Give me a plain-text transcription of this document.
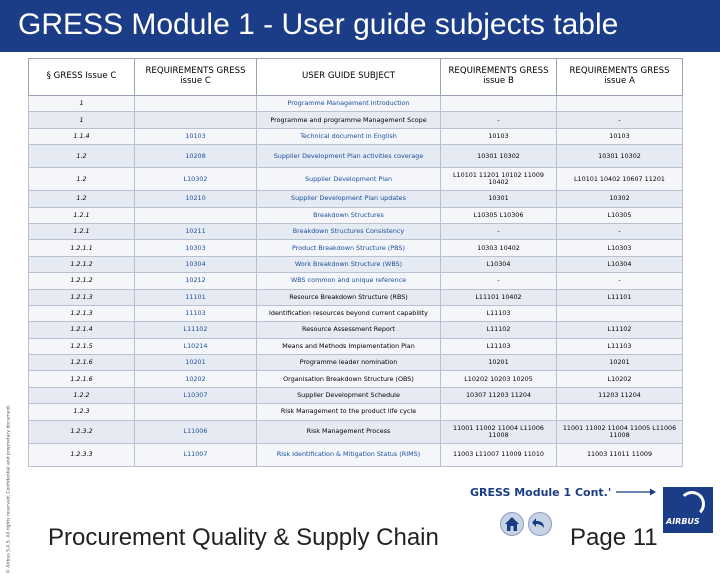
GRESS Module 1 - User guide subjects table
© Airbus S.A.S. All rights reserved. Confidential and proprietary document.
§ GRESS Issue C	REQUIREMENTS GRESS issue C	USER GUIDE SUBJECT	REQUIREMENTS GRESS issue B	REQUIREMENTS GRESS issue A
1		Programme Management Introduction		
1		Programme and programme Management Scope	-	-
1.1.4	10103	Technical document in English	10103	10103
1.2	10208	Supplier Development Plan activities coverage	10301 10302	10301 10302
1.2	L10302	Supplier Development Plan	L10101 11201 10102 11009 10402	L10101 10402 10607 11201
1.2	10210	Supplier Development Plan updates	10301	10302
1.2.1		Breakdown Structures	L10305 L10306	L10305
1.2.1	10211	Breakdown Structures Consistency	-	-
1.2.1.1	10303	Product Breakdown Structure (PBS)	10303 10402	L10303
1.2.1.2	10304	Work Breakdown Structure (WBS)	L10304	L10304
1.2.1.2	10212	WBS common and unique reference	-	-
1.2.1.3	11101	Resource Breakdown Structure (RBS)	L11101 10402	L11101
1.2.1.3	11103	Identification resources beyond current capability	L11103	
1.2.1.4	L11102	Resource Assessment Report	L11102	L11102
1.2.1.5	L10214	Means and Methods Implementation Plan	L11103	L11103
1.2.1.6	10201	Programme leader nomination	10201	10201
1.2.1.6	10202	Organisation Breakdown Structure (OBS)	L10202 10203 10205	L10202
1.2.2	L10307	Supplier Development Schedule	10307 11203 11204	11203 11204
1.2.3		Risk Management to the product life cycle		
1.2.3.2	L11006	Risk Management Process	11001 11002 11004 L11006 11008	11001 11002 11004 11005 L11006 11008
1.2.3.3	L11007	Risk Identification & Mitigation Status (RIMS)	11003 L11007 11009 11010	11003 11011 11009
GRESS Module 1 Cont.'
Procurement Quality & Supply Chain	Page 11
AIRBUS
